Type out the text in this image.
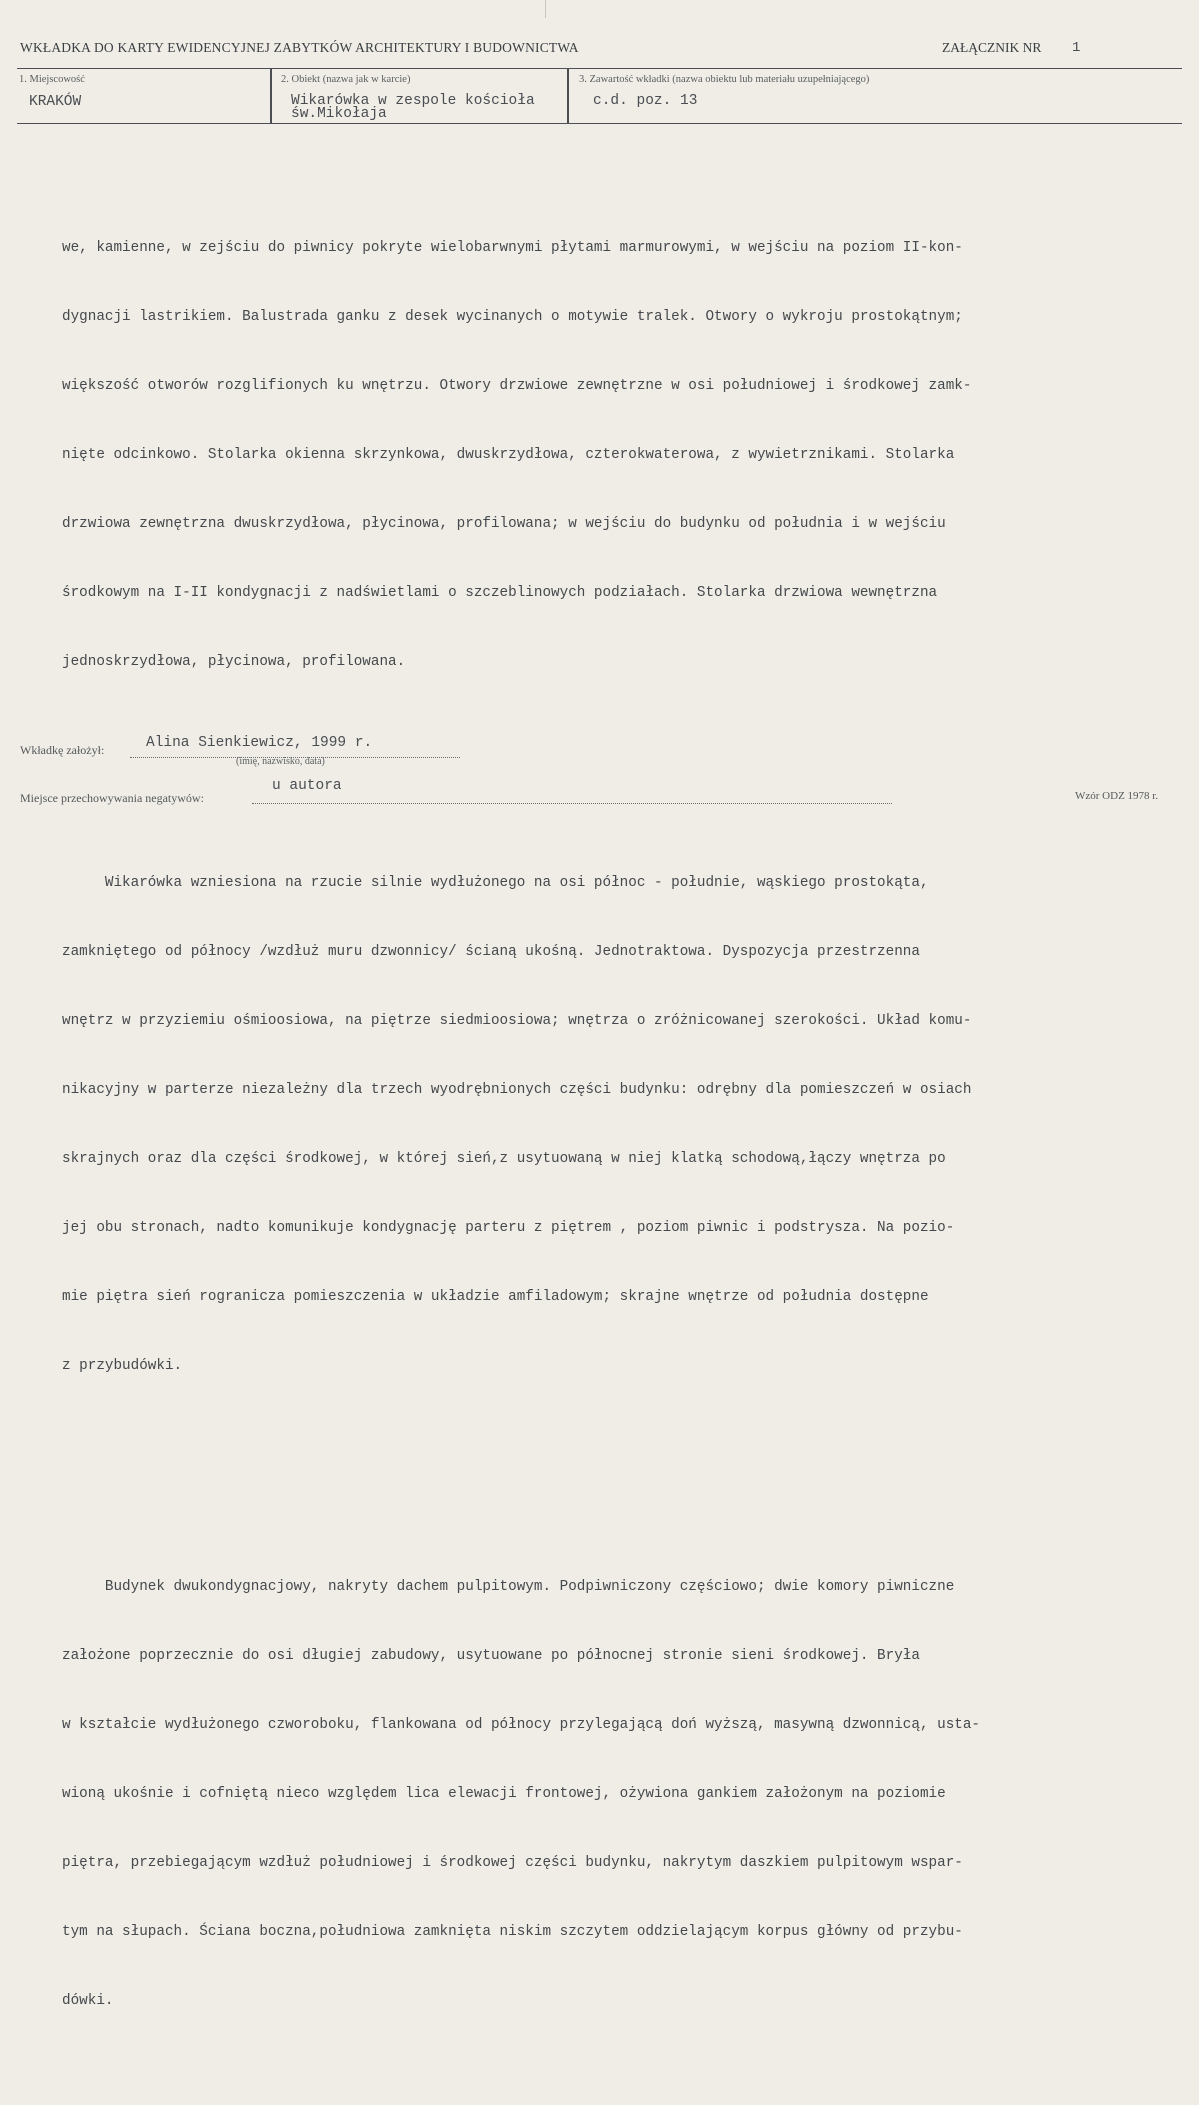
WKŁADKA DO KARTY EWIDENCYJNEJ ZABYTKÓW ARCHITEKTURY I BUDOWNICTWA	ZAŁĄCZNIK NR 1
1. Miejscowość
KRAKÓW
2. Obiekt (nazwa jak w karcie)
Wikarówka w zespole kościoła
św.Mikołaja
3. Zawartość wkładki (nazwa obiektu lub materiału uzupełniającego)
c.d. poz. 13

we, kamienne, w zejściu do piwnicy pokryte wielobarwnymi płytami marmurowymi, w wejściu na poziom II-kon-

dygnacji lastrikiem. Balustrada ganku z desek wycinanych o motywie tralek. Otwory o wykroju prostokątnym;

większość otworów rozglifionych ku wnętrzu. Otwory drzwiowe zewnętrzne w osi południowej i środkowej zamk-

nięte odcinkowo. Stolarka okienna skrzynkowa, dwuskrzydłowa, czterokwaterowa, z wywietrznikami. Stolarka

drzwiowa zewnętrzna dwuskrzydłowa, płycinowa, profilowana; w wejściu do budynku od południa i w wejściu

środkowym na I-II kondygnacji z nadświetlami o szczeblinowych podziałach. Stolarka drzwiowa wewnętrzna

jednoskrzydłowa, płycinowa, profilowana.

Wikarówka wzniesiona na rzucie silnie wydłużonego na osi północ - południe, wąskiego prostokąta,

zamkniętego od północy /wzdłuż muru dzwonnicy/ ścianą ukośną. Jednotraktowa. Dyspozycja przestrzenna

wnętrz w przyziemiu ośmioosiowa, na piętrze siedmioosiowa; wnętrza o zróżnicowanej szerokości. Układ komu-

nikacyjny w parterze niezależny dla trzech wyodrębnionych części budynku: odrębny dla pomieszczeń w osiach

skrajnych oraz dla części środkowej, w której sień,z usytuowaną w niej klatką schodową,łączy wnętrza po

jej obu stronach, nadto komunikuje kondygnację parteru z piętrem , poziom piwnic i podstrysza. Na pozio-

mie piętra sień rogranicza pomieszczenia w układzie amfiladowym; skrajne wnętrze od południa dostępne

z przybudówki.

Budynek dwukondygnacjowy, nakryty dachem pulpitowym. Podpiwniczony częściowo; dwie komory piwniczne

założone poprzecznie do osi długiej zabudowy, usytuowane po północnej stronie sieni środkowej. Bryła

w kształcie wydłużonego czworoboku, flankowana od północy przylegającą doń wyższą, masywną dzwonnicą, usta-

wioną ukośnie i cofniętą nieco względem lica elewacji frontowej, ożywiona gankiem założonym na poziomie

piętra, przebiegającym wzdłuż południowej i środkowej części budynku, nakrytym daszkiem pulpitowym wspar-

tym na słupach. Ściana boczna,południowa zamknięta niskim szczytem oddzielającym korpus główny od przybu-

dówki.

Wkładkę założył:	Alina Sienkiewicz, 1999 r.
(imię, nazwisko, data)
Miejsce przechowywania negatywów:
u autora
Wzór ODZ 1978 r.
